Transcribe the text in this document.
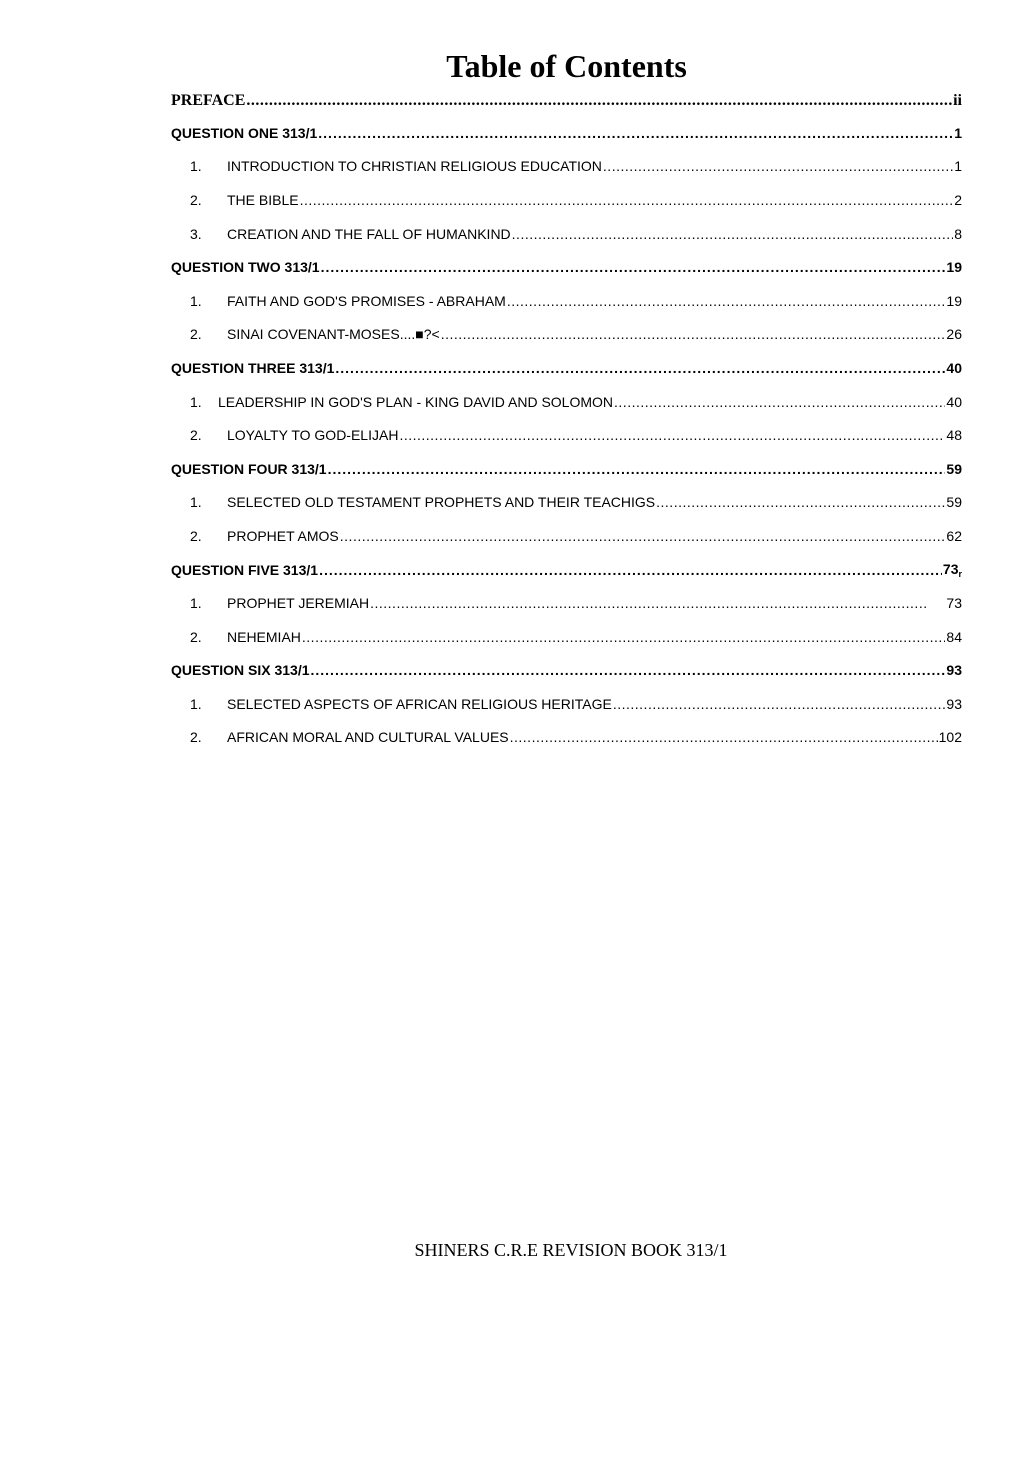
Table of Contents
PREFACE .....	ii
QUESTION ONE 313/1 .....	1
1.	INTRODUCTION TO CHRISTIAN RELIGIOUS EDUCATION .....	1
2.	THE BIBLE .....	2
3.	CREATION AND THE FALL OF HUMANKIND .....	8
QUESTION TWO 313/1 .....	19
1.	FAITH AND GOD'S PROMISES - ABRAHAM .....	19
2.	SINAI COVENANT-MOSES....■?< .....	26
QUESTION THREE 313/1 .....	40
1.	LEADERSHIP IN GOD'S PLAN - KING DAVID AND SOLOMON .....	40
2.	LOYALTY TO GOD-ELIJAH .....	48
QUESTION FOUR 313/1 .....	59
1.	SELECTED OLD TESTAMENT PROPHETS AND THEIR TEACHIGS .....	59
2.	PROPHET AMOS .....	62
QUESTION FIVE 313/1 .....	$73_r$
1.	PROPHET JEREMIAH .....	73
2.	NEHEMIAH .....	84
QUESTION SIX 313/1 .....	93
1.	SELECTED ASPECTS OF AFRICAN RELIGIOUS HERITAGE .....	93
2.	AFRICAN MORAL AND CULTURAL VALUES .....	102
SHINERS C.R.E REVISION BOOK 313/1
